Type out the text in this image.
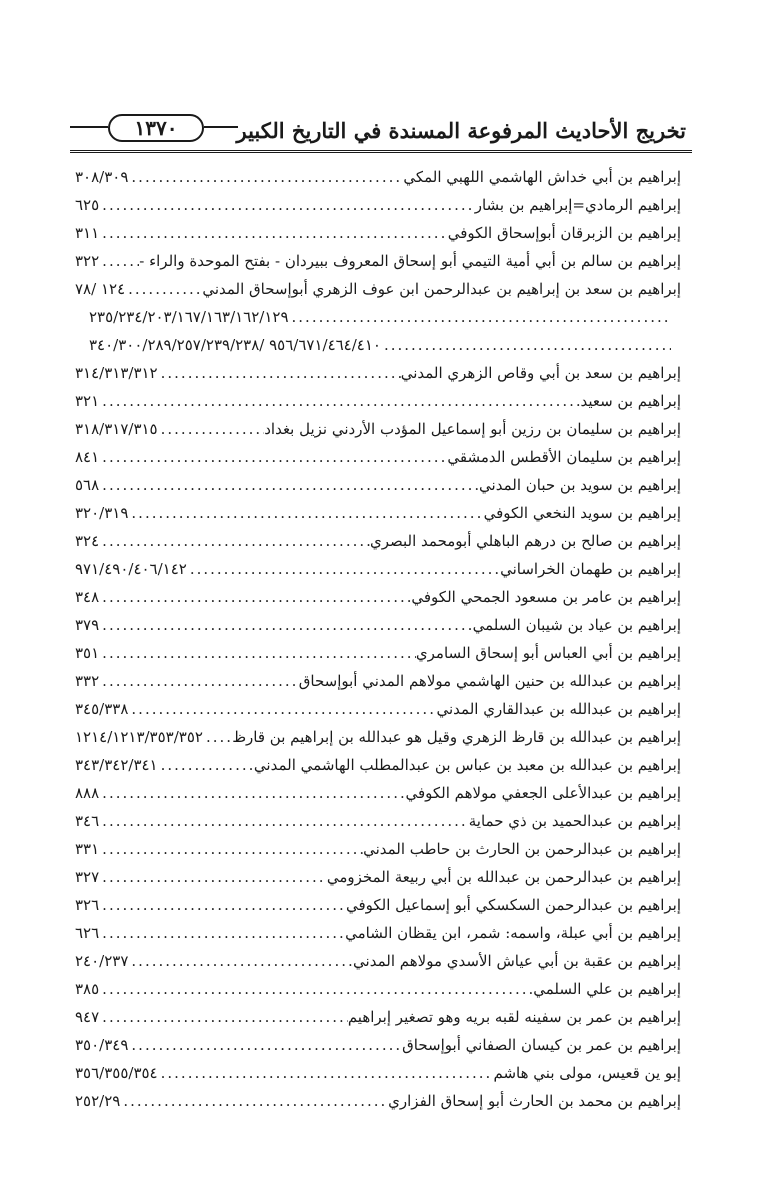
تخريج الأحاديث المرفوعة المسندة في التاريخ الكبير
١٣٧٠
إبراهيم بن أبي خداش الهاشمي اللهبي المكي
.....
٣٠٨/٣٠٩
إبراهيم الرمادي=إبراهيم بن بشار
.....
٦٢٥
إبراهيم بن الزبرقان أبوإسحاق الكوفي
.....
٣١١
إبراهيم بن سالم بن أبي أمية التيمي أبو إسحاق المعروف ببيردان - بفتح الموحدة والراء -
.....
٣٢٢
إبراهيم بن سعد بن إبراهيم بن عبدالرحمن ابن عوف الزهري أبوإسحاق المدني
.....
١٢٤ /٧٨
.....
٢٣٥/٢٣٤/٢٠٣/١٦٧/١٦٣/١٦٢/١٢٩
.....
٩٥٦/٦٧١/٤٦٤/٤١٠ /٣٤٠/٣٠٠/٢٨٩/٢٥٧/٢٣٩/٢٣٨
إبراهيم بن سعد بن أبي وقاص الزهري المدني
.....
٣١٤/٣١٣/٣١٢
إبراهيم بن سعيد
.....
٣٢١
إبراهيم بن سليمان بن رزين أبو إسماعيل المؤدب الأردني نزيل بغداد
.....
٣١٨/٣١٧/٣١٥
إبراهيم بن سليمان الأقطس الدمشقي
.....
٨٤١
إبراهيم بن سويد بن حبان المدني
.....
٥٦٨
إبراهيم بن سويد النخعي الكوفي
.....
٣٢٠/٣١٩
إبراهيم بن صالح بن درهم الباهلي أبومحمد البصري
.....
٣٢٤
إبراهيم بن طهمان الخراساني
.....
٩٧١/٤٩٠/٤٠٦/١٤٢
إبراهيم بن عامر بن مسعود الجمحي الكوفي
.....
٣٤٨
إبراهيم بن عياد بن شيبان السلمي
.....
٣٧٩
إبراهيم بن أبي العباس أبو إسحاق السامري
.....
٣٥١
إبراهيم بن عبدالله بن حنين الهاشمي مولاهم المدني أبوإسحاق
.....
٣٣٢
إبراهيم بن عبدالله بن عبدالقاري المدني
.....
٣٤٥/٣٣٨
إبراهيم بن عبدالله بن قارظ الزهري وقيل هو عبدالله بن إبراهيم بن قارظ
.....
١٢١٤/١٢١٣/٣٥٣/٣٥٢
إبراهيم بن عبدالله بن معبد بن عباس بن عبدالمطلب الهاشمي المدني
.....
٣٤٣/٣٤٢/٣٤١
إبراهيم بن عبدالأعلى الجعفي مولاهم الكوفي
.....
٨٨٨
إبراهيم بن عبدالحميد بن ذي حماية
.....
٣٤٦
إبراهيم بن عبدالرحمن بن الحارث بن حاطب المدني
.....
٣٣١
إبراهيم بن عبدالرحمن بن عبدالله بن أبي ربيعة المخزومي
.....
٣٢٧
إبراهيم بن عبدالرحمن السكسكي أبو إسماعيل الكوفي
.....
٣٢٦
إبراهيم بن أبي عبلة، واسمه: شمر، ابن يقظان الشامي
.....
٦٢٦
إبراهيم بن عقبة بن أبي عياش الأسدي مولاهم المدني
.....
٢٤٠/٢٣٧
إبراهيم بن علي السلمي
.....
٣٨٥
إبراهيم بن عمر بن سفينه لقبه بريه وهو تصغير إبراهيم
.....
٩٤٧
إبراهيم بن عمر بن كيسان الصفاني أبوإسحاق
.....
٣٥٠/٣٤٩
إبو ين قعيس، مولى بني هاشم
.....
٣٥٦/٣٥٥/٣٥٤
إبراهيم بن محمد بن الحارث أبو إسحاق الفزاري
.....
٢٥٢/٢٩
